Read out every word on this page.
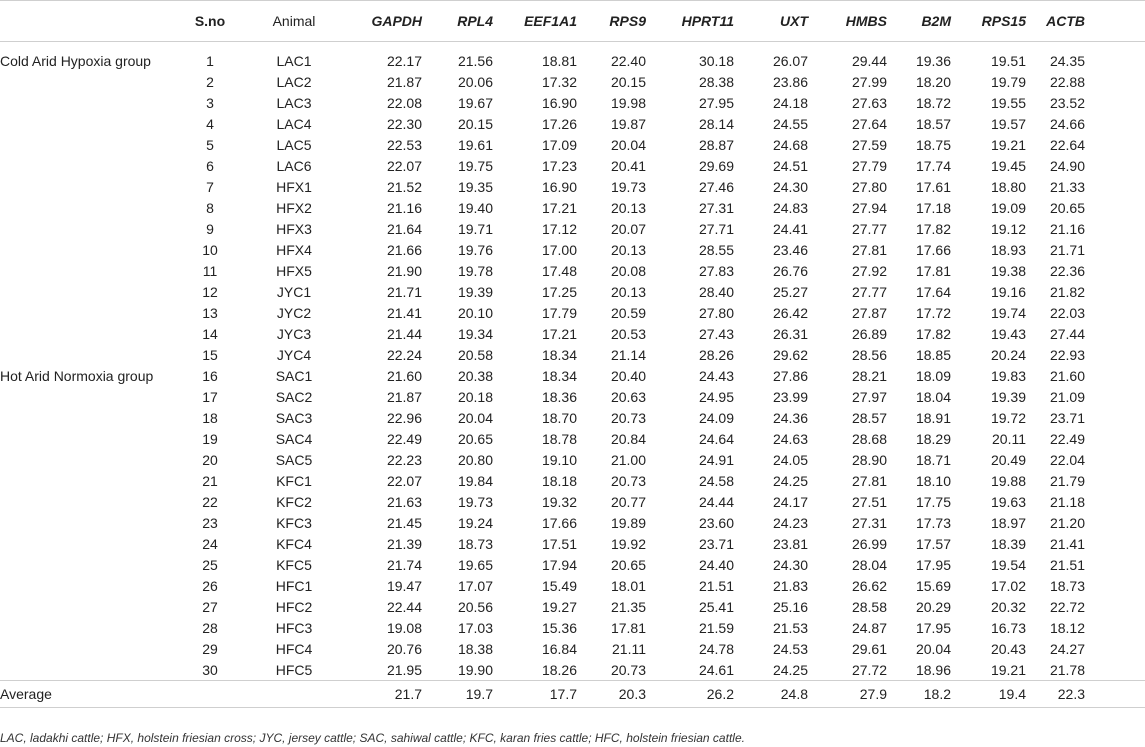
	S.no	Animal	GAPDH	RPL4	EEF1A1	RPS9	HPRT11	UXT	HMBS	B2M	RPS15	ACTB	
Cold Arid Hypoxia group	1	LAC1	22.17	21.56	18.81	22.40	30.18	26.07	29.44	19.36	19.51	24.35	
	2	LAC2	21.87	20.06	17.32	20.15	28.38	23.86	27.99	18.20	19.79	22.88	
	3	LAC3	22.08	19.67	16.90	19.98	27.95	24.18	27.63	18.72	19.55	23.52	
	4	LAC4	22.30	20.15	17.26	19.87	28.14	24.55	27.64	18.57	19.57	24.66	
	5	LAC5	22.53	19.61	17.09	20.04	28.87	24.68	27.59	18.75	19.21	22.64	
	6	LAC6	22.07	19.75	17.23	20.41	29.69	24.51	27.79	17.74	19.45	24.90	
	7	HFX1	21.52	19.35	16.90	19.73	27.46	24.30	27.80	17.61	18.80	21.33	
	8	HFX2	21.16	19.40	17.21	20.13	27.31	24.83	27.94	17.18	19.09	20.65	
	9	HFX3	21.64	19.71	17.12	20.07	27.71	24.41	27.77	17.82	19.12	21.16	
	10	HFX4	21.66	19.76	17.00	20.13	28.55	23.46	27.81	17.66	18.93	21.71	
	11	HFX5	21.90	19.78	17.48	20.08	27.83	26.76	27.92	17.81	19.38	22.36	
	12	JYC1	21.71	19.39	17.25	20.13	28.40	25.27	27.77	17.64	19.16	21.82	
	13	JYC2	21.41	20.10	17.79	20.59	27.80	26.42	27.87	17.72	19.74	22.03	
	14	JYC3	21.44	19.34	17.21	20.53	27.43	26.31	26.89	17.82	19.43	27.44	
	15	JYC4	22.24	20.58	18.34	21.14	28.26	29.62	28.56	18.85	20.24	22.93	
Hot Arid Normoxia group	16	SAC1	21.60	20.38	18.34	20.40	24.43	27.86	28.21	18.09	19.83	21.60	
	17	SAC2	21.87	20.18	18.36	20.63	24.95	23.99	27.97	18.04	19.39	21.09	
	18	SAC3	22.96	20.04	18.70	20.73	24.09	24.36	28.57	18.91	19.72	23.71	
	19	SAC4	22.49	20.65	18.78	20.84	24.64	24.63	28.68	18.29	20.11	22.49	
	20	SAC5	22.23	20.80	19.10	21.00	24.91	24.05	28.90	18.71	20.49	22.04	
	21	KFC1	22.07	19.84	18.18	20.73	24.58	24.25	27.81	18.10	19.88	21.79	
	22	KFC2	21.63	19.73	19.32	20.77	24.44	24.17	27.51	17.75	19.63	21.18	
	23	KFC3	21.45	19.24	17.66	19.89	23.60	24.23	27.31	17.73	18.97	21.20	
	24	KFC4	21.39	18.73	17.51	19.92	23.71	23.81	26.99	17.57	18.39	21.41	
	25	KFC5	21.74	19.65	17.94	20.65	24.40	24.30	28.04	17.95	19.54	21.51	
	26	HFC1	19.47	17.07	15.49	18.01	21.51	21.83	26.62	15.69	17.02	18.73	
	27	HFC2	22.44	20.56	19.27	21.35	25.41	25.16	28.58	20.29	20.32	22.72	
	28	HFC3	19.08	17.03	15.36	17.81	21.59	21.53	24.87	17.95	16.73	18.12	
	29	HFC4	20.76	18.38	16.84	21.11	24.78	24.53	29.61	20.04	20.43	24.27	
	30	HFC5	21.95	19.90	18.26	20.73	24.61	24.25	27.72	18.96	19.21	21.78	
Average			21.7	19.7	17.7	20.3	26.2	24.8	27.9	18.2	19.4	22.3	
LAC, ladakhi cattle; HFX, holstein friesian cross; JYC, jersey cattle; SAC, sahiwal cattle; KFC, karan fries cattle; HFC, holstein friesian cattle.
